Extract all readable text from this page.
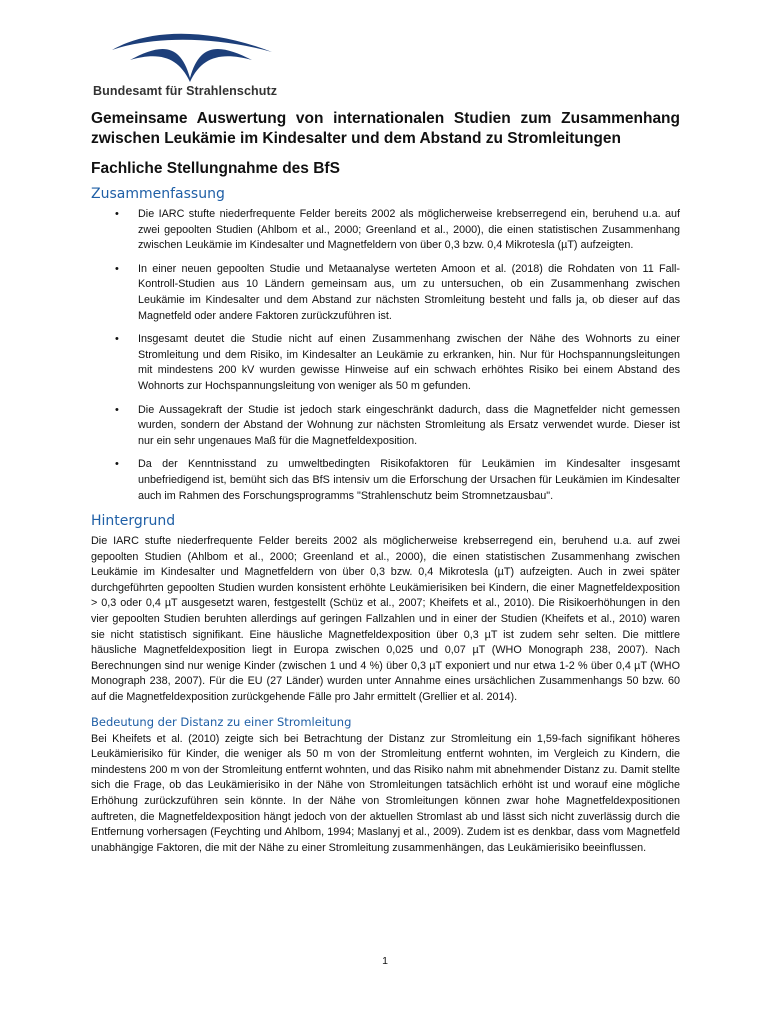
Bundesamt für Strahlenschutz
Gemeinsame Auswertung von internationalen Studien zum Zusammenhang zwischen Leukämie im Kindesalter und dem Abstand zu Stromleitungen
Fachliche Stellungnahme des BfS
Zusammenfassung
• Die IARC stufte niederfrequente Felder bereits 2002 als möglicherweise krebserregend ein, beruhend u.a. auf zwei gepoolten Studien (Ahlbom et al., 2000; Greenland et al., 2000), die einen statistischen Zusammenhang zwischen Leukämie im Kindesalter und Magnetfeldern von über 0,3 bzw. 0,4 Mikrotesla (µT) aufzeigten.
• In einer neuen gepoolten Studie und Metaanalyse werteten Amoon et al. (2018) die Rohdaten von 11 Fall-Kontroll-Studien aus 10 Ländern gemeinsam aus, um zu untersuchen, ob ein Zusammenhang zwischen Leukämie im Kindesalter und dem Abstand zur nächsten Stromleitung besteht und falls ja, ob dieser auf das Magnetfeld oder andere Faktoren zurückzuführen ist.
• Insgesamt deutet die Studie nicht auf einen Zusammenhang zwischen der Nähe des Wohnorts zu einer Stromleitung und dem Risiko, im Kindesalter an Leukämie zu erkranken, hin. Nur für Hochspannungsleitungen mit mindestens 200 kV wurden gewisse Hinweise auf ein schwach erhöhtes Risiko bei einem Abstand des Wohnorts zur Hochspannungsleitung von weniger als 50 m gefunden.
• Die Aussagekraft der Studie ist jedoch stark eingeschränkt dadurch, dass die Magnetfelder nicht gemessen wurden, sondern der Abstand der Wohnung zur nächsten Stromleitung als Ersatz verwendet wurde. Dieser ist nur ein sehr ungenaues Maß für die Magnetfeldexposition.
• Da der Kenntnisstand zu umweltbedingten Risikofaktoren für Leukämien im Kindesalter insgesamt unbefriedigend ist, bemüht sich das BfS intensiv um die Erforschung der Ursachen für Leukämien im Kindesalter auch im Rahmen des Forschungsprogramms "Strahlenschutz beim Stromnetzausbau".
Hintergrund

Die IARC stufte niederfrequente Felder bereits 2002 als möglicherweise krebserregend ein, beruhend u.a. auf zwei gepoolten Studien (Ahlbom et al., 2000; Greenland et al., 2000), die einen statistischen Zusammenhang zwischen Leukämie im Kindesalter und Magnetfeldern von über 0,3 bzw. 0,4 Mikrotesla (µT) aufzeigten. Auch in zwei später durchgeführten gepoolten Studien wurden konsistent erhöhte Leukämierisiken bei Kindern, die einer Magnetfeldexposition > 0,3 oder 0,4 µT ausgesetzt waren, festgestellt (Schüz et al., 2007; Kheifets et al., 2010). Die Risikoerhöhungen in den vier gepoolten Studien beruhten allerdings auf geringen Fallzahlen und in einer der Studien (Kheifets et al., 2010) waren sie nicht statistisch signifikant. Eine häusliche Magnetfeldexposition über 0,3 µT ist zudem sehr selten. Die mittlere häusliche Magnetfeldexposition liegt in Europa zwischen 0,025 und 0,07 µT (WHO Monograph 238, 2007). Nach Berechnungen sind nur wenige Kinder (zwischen 1 und 4 %) über 0,3 µT exponiert und nur etwa 1-2 % über 0,4 µT (WHO Monograph 238, 2007). Für die EU (27 Länder) wurden unter Annahme eines ursächlichen Zusammenhangs 50 bzw. 60 auf die Magnetfeldexposition zurückgehende Fälle pro Jahr ermittelt (Grellier et al. 2014).

Bedeutung der Distanz zu einer Stromleitung

Bei Kheifets et al. (2010) zeigte sich bei Betrachtung der Distanz zur Stromleitung ein 1,59-fach signifikant höheres Leukämierisiko für Kinder, die weniger als 50 m von der Stromleitung entfernt wohnten, im Vergleich zu Kindern, die mindestens 200 m von der Stromleitung entfernt wohnten, und das Risiko nahm mit abnehmender Distanz zu. Damit stellte sich die Frage, ob das Leukämierisiko in der Nähe von Stromleitungen tatsächlich erhöht ist und worauf eine mögliche Erhöhung zurückzuführen sein könnte. In der Nähe von Stromleitungen können zwar hohe Magnetfeldexpositionen auftreten, die Magnetfeldexposition hängt jedoch von der aktuellen Stromlast ab und lässt sich nicht zuverlässig durch die Entfernung vorhersagen (Feychting und Ahlbom, 1994; Maslanyj et al., 2009). Zudem ist es denkbar, dass vom Magnetfeld unabhängige Faktoren, die mit der Nähe zu einer Stromleitung zusammenhängen, das Leukämierisiko beeinflussen.

1
